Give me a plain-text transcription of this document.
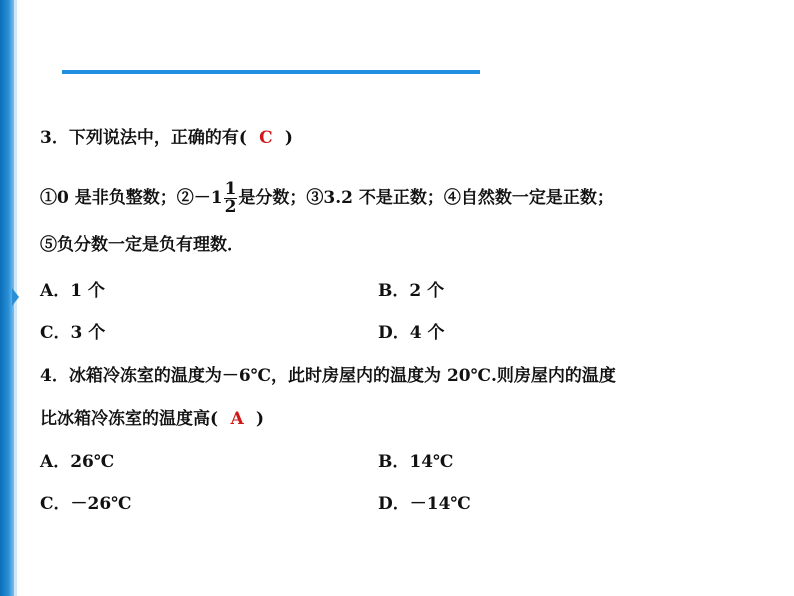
3．下列说法中，正确的有( C )
①0 是非负整数；②－1 $\frac{1}{2}$ 是分数；③3.2 不是正数；④自然数一定是正数；
⑤负分数一定是负有理数．
A．1 个	B．2 个
C．3 个	D．4 个
4．冰箱冷冻室的温度为－6℃，此时房屋内的温度为 20℃.则房屋内的温度
比冰箱冷冻室的温度高( A )
A．26℃	B．14℃
C．－26℃	D．－14℃
